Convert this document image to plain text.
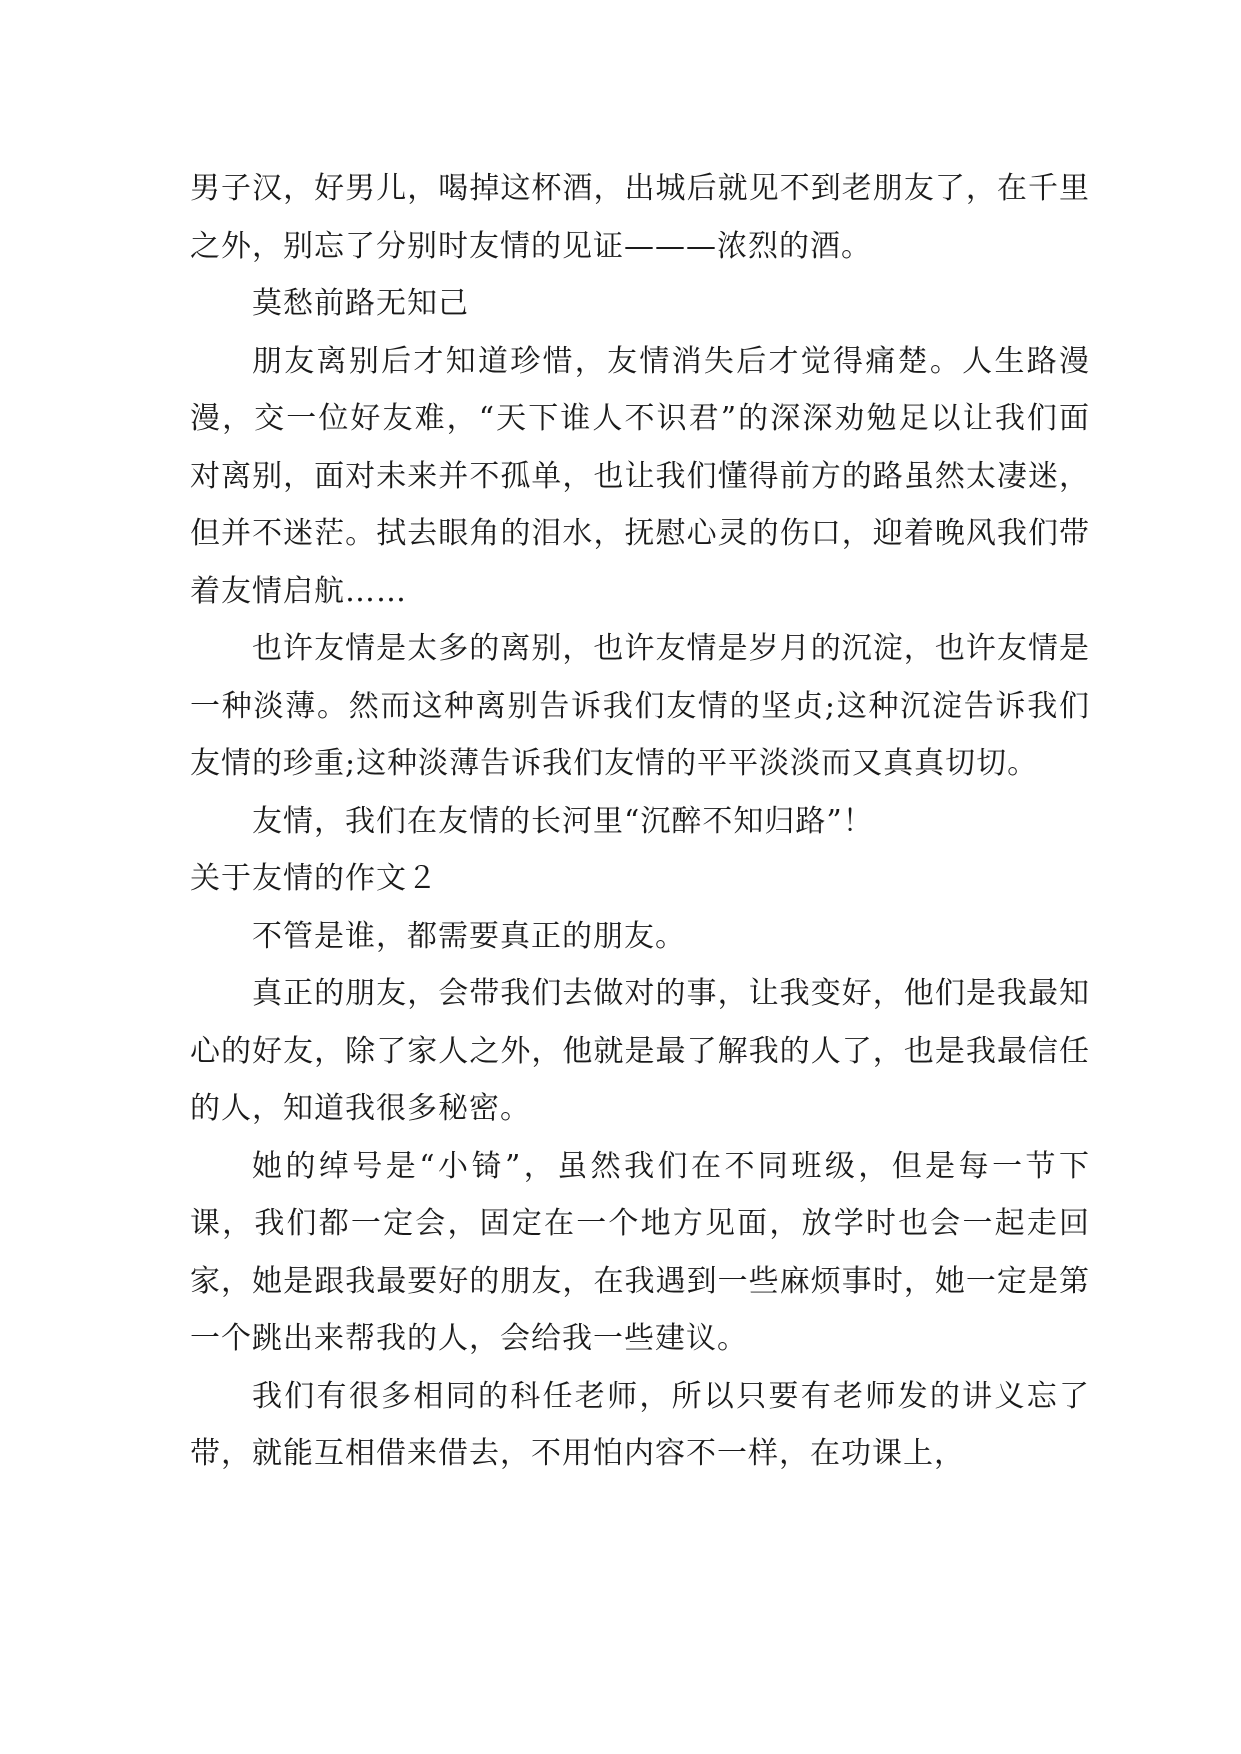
男子汉，好男儿，喝掉这杯酒，出城后就见不到老朋友了，在千里之外，别忘了分别时友情的见证———浓烈的酒。

莫愁前路无知己

朋友离别后才知道珍惜，友情消失后才觉得痛楚。人生路漫漫，交一位好友难，“天下谁人不识君”的深深劝勉足以让我们面对离别，面对未来并不孤单，也让我们懂得前方的路虽然太凄迷，但并不迷茫。拭去眼角的泪水，抚慰心灵的伤口，迎着晚风我们带着友情启航……

也许友情是太多的离别，也许友情是岁月的沉淀，也许友情是一种淡薄。然而这种离别告诉我们友情的坚贞;这种沉淀告诉我们友情的珍重;这种淡薄告诉我们友情的平平淡淡而又真真切切。

友情，我们在友情的长河里“沉醉不知归路”！

关于友情的作文２

不管是谁，都需要真正的朋友。

真正的朋友，会带我们去做对的事，让我变好，他们是我最知心的好友，除了家人之外，他就是最了解我的人了，也是我最信任的人，知道我很多秘密。

她的绰号是“小锜”，虽然我们在不同班级，但是每一节下课，我们都一定会，固定在一个地方见面，放学时也会一起走回家，她是跟我最要好的朋友，在我遇到一些麻烦事时，她一定是第一个跳出来帮我的人，会给我一些建议。

我们有很多相同的科任老师，所以只要有老师发的讲义忘了带，就能互相借来借去，不用怕内容不一样，在功课上，
